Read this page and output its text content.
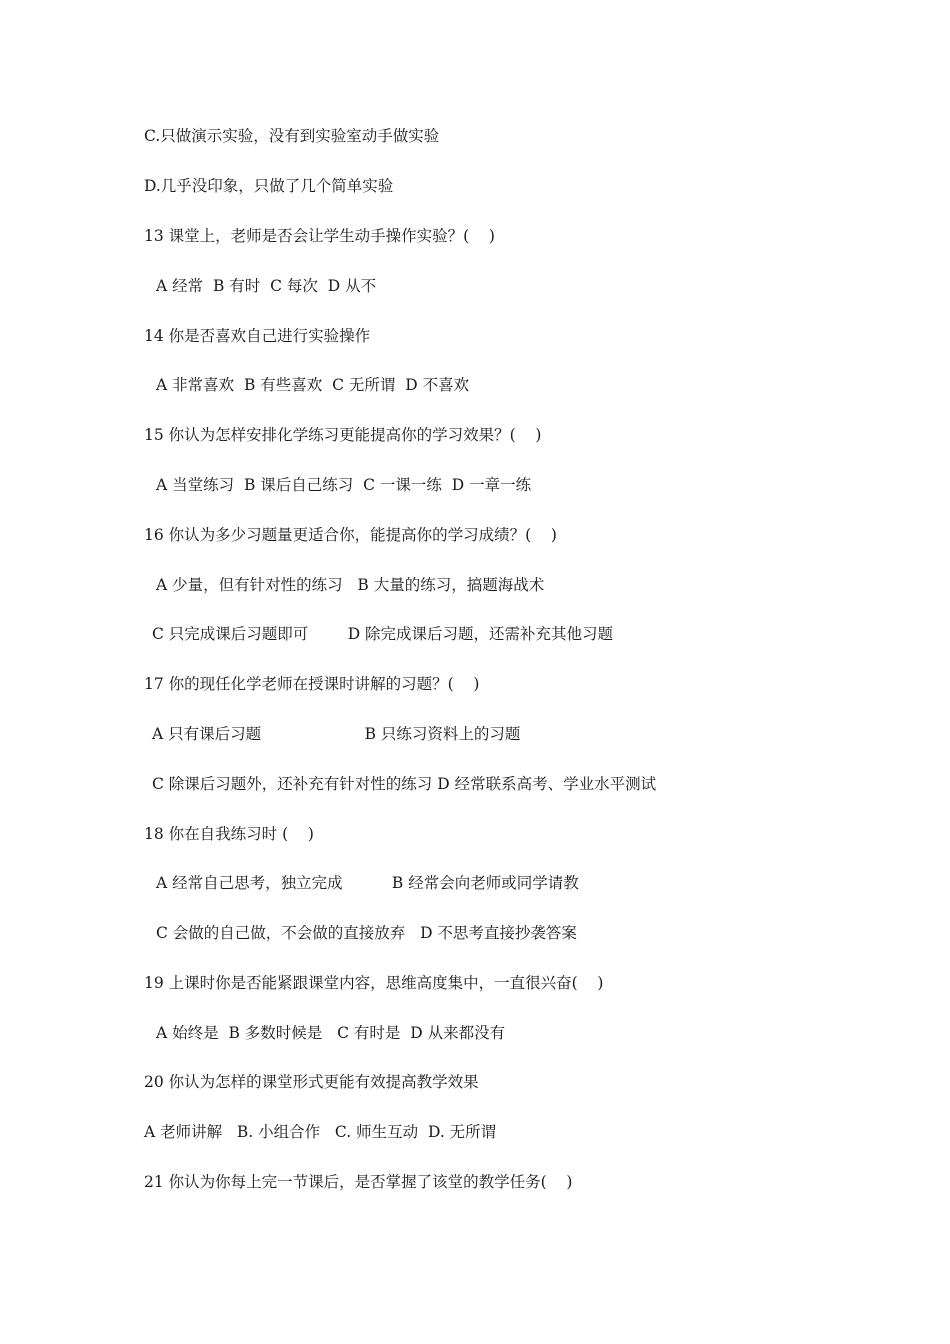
C.只做演示实验，没有到实验室动手做实验
D.几乎没印象，只做了几个简单实验
13 课堂上，老师是否会让学生动手操作实验？(    )
A 经常  B 有时  C 每次  D 从不
14 你是否喜欢自己进行实验操作
A 非常喜欢  B 有些喜欢  C 无所谓  D 不喜欢
15 你认为怎样安排化学练习更能提高你的学习效果？(    )
A 当堂练习  B 课后自己练习  C 一课一练  D 一章一练
16 你认为多少习题量更适合你，能提高你的学习成绩？(    )
A 少量，但有针对性的练习   B 大量的练习，搞题海战术
C 只完成课后习题即可        D 除完成课后习题，还需补充其他习题
17 你的现任化学老师在授课时讲解的习题？(    )
A 只有课后习题                     B 只练习资料上的习题
C 除课后习题外，还补充有针对性的练习 D 经常联系高考、学业水平测试
18 你在自我练习时 (    )
A 经常自己思考，独立完成          B 经常会向老师或同学请教
C 会做的自己做，不会做的直接放弃   D 不思考直接抄袭答案
19 上课时你是否能紧跟课堂内容，思维高度集中，一直很兴奋(    )
A 始终是  B 多数时候是   C 有时是  D 从来都没有
20 你认为怎样的课堂形式更能有效提高教学效果
A 老师讲解   B. 小组合作   C. 师生互动  D. 无所谓
21 你认为你每上完一节课后，是否掌握了该堂的教学任务(    )
